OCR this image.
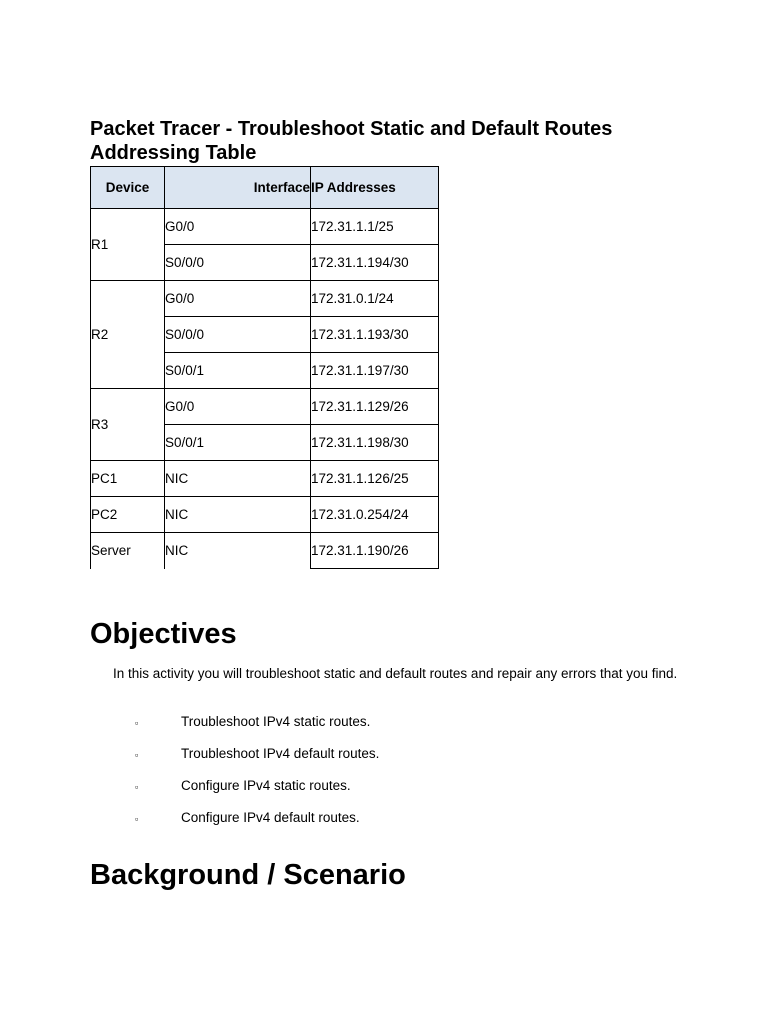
Packet Tracer - Troubleshoot Static and Default Routes
Addressing Table
Device	Interface	IP Addresses
R1	G0/0	172.31.1.1/25
	S0/0/0	172.31.1.194/30
R2	G0/0	172.31.0.1/24
	S0/0/0	172.31.1.193/30
	S0/0/1	172.31.1.197/30
R3	G0/0	172.31.1.129/26
	S0/0/1	172.31.1.198/30
PC1	NIC	172.31.1.126/25
PC2	NIC	172.31.0.254/24
Server	NIC	172.31.1.190/26
Objectives

In this activity you will troubleshoot static and default routes and repair any errors that you find.

▫	Troubleshoot IPv4 static routes.
▫	Troubleshoot IPv4 default routes.
▫	Configure IPv4 static routes.
▫	Configure IPv4 default routes.
Background / Scenario
